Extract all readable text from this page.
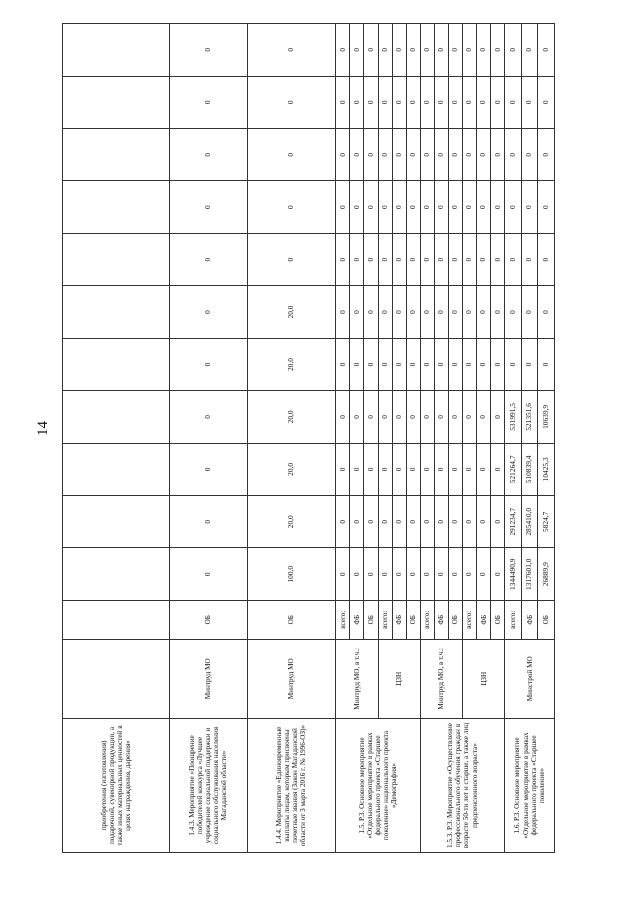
14
приобретения (изготовления) подарочной, сувенирной продукции, а также иных материальных ценностей в целях награждения, дарения»													
1.4.3. Мероприятие «Поощрение победителей конкурса «Лучшее учреждение социальной поддержки и социального обслуживания населения Магаданской области»	Минтруд МО	ОБ	0	0	0	0	0	0	0	0	0	0	0
1.4.4. Мероприятие «Единовременные выплаты лицам, которым присвоены почетные звания (Закон Магаданской области от 3 марта 2016 г. № 1996-ОЗ)»	Минтруд МО	ОБ	100,0	20,0	20,0	20,0	20,0	20,0	0	0	0	0	0
1.5. Р.3. Основное мероприятие «Отдельное мероприятие в рамках федерального проекта «Старшее поколение» национального проекта «Демография»	Минтруд МО, в т.ч.:	всего:	0	0	0	0	0	0	0	0	0	0	0
		ФБ	0	0	0	0	0	0	0	0	0	0	0
		ОБ	0	0	0	0	0	0	0	0	0	0	0
	ЦЗН	всего:	0	0	0	0	0	0	0	0	0	0	0
		ФБ	0	0	0	0	0	0	0	0	0	0	0
		ОБ	0	0	0	0	0	0	0	0	0	0	0
1.5.3. Р.3. Мероприятие «Осуществление профессионального обучения граждан в возрасте 50-ти лет и старше, а также лиц предпенсионного возраста»	Минтруд МО, в т.ч.:	всего:	0	0	0	0	0	0	0	0	0	0	0
		ФБ	0	0	0	0	0	0	0	0	0	0	0
		ОБ	0	0	0	0	0	0	0	0	0	0	0
	ЦЗН	всего:	0	0	0	0	0	0	0	0	0	0	0
		ФБ	0	0	0	0	0	0	0	0	0	0	0
		ОБ	0	0	0	0	0	0	0	0	0	0	0
1.6. Р.3. Основное мероприятие «Отдельное мероприятие в рамках федерального проекта «Старшее поколение»	Минстрой МО	всего:	1344490,9	291234,7	521264,7	531991,5	0	0	0	0	0	0	0
		ФБ	1317601,0	285410,0	510839,4	521351,6	0	0	0	0	0	0	0
		ОБ	26889,9	5824,7	10425,3	10639,9	0	0	0	0	0	0	0
